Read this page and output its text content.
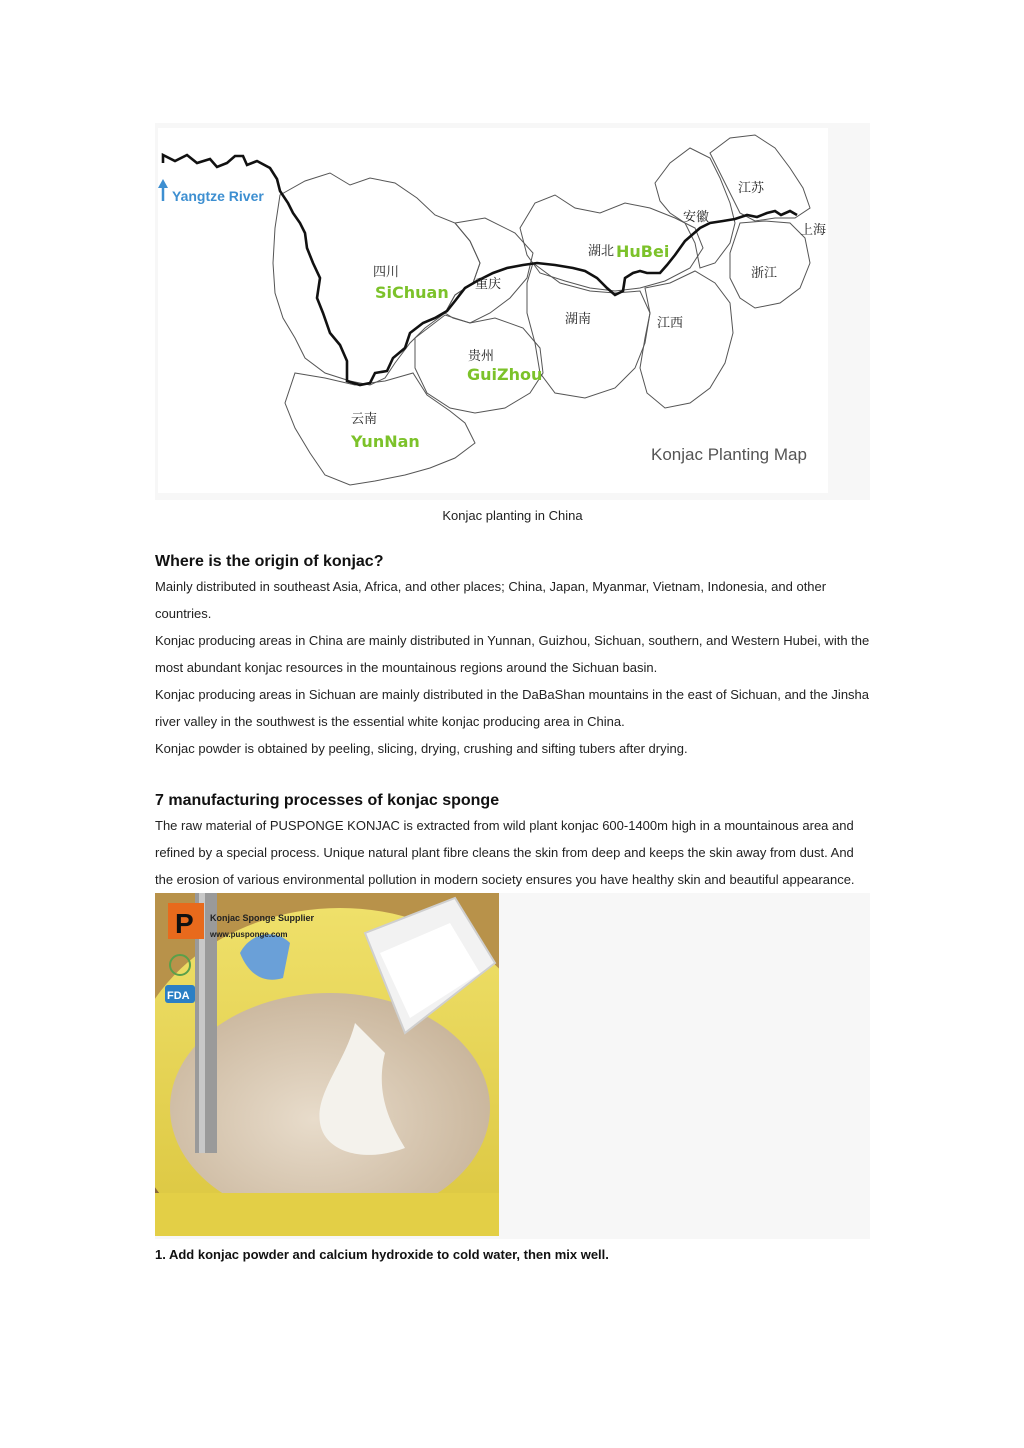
Yangtze River
四川
SiChuan
贵州
GuiZhou
云南
YunNan
湖北 HuBei
重庆
湖南	江西
安徽
江苏
浙江
上海
Konjac Planting Map
Konjac planting in China
Where is the origin of konjac?

Mainly distributed in southeast Asia, Africa, and other places; China, Japan, Myanmar, Vietnam, Indonesia, and other countries.

Konjac producing areas in China are mainly distributed in Yunnan, Guizhou, Sichuan, southern, and Western Hubei, with the most abundant konjac resources in the mountainous regions around the Sichuan basin.

Konjac producing areas in Sichuan are mainly distributed in the DaBaShan mountains in the east of Sichuan, and the Jinsha river valley in the southwest is the essential white konjac producing area in China.

Konjac powder is obtained by peeling, slicing, drying, crushing and sifting tubers after drying.

7 manufacturing processes of konjac sponge

The raw material of PUSPONGE KONJAC is extracted from wild plant konjac 600-1400m high in a mountainous area and refined by a special process. Unique natural plant fibre cleans the skin from deep and keeps the skin away from dust. And the erosion of various environmental pollution in modern society ensures you have healthy skin and beautiful appearance.

P Konjac Sponge Supplier
www.pusponge.com
FDA
1. Add konjac powder and calcium hydroxide to cold water, then mix well.
